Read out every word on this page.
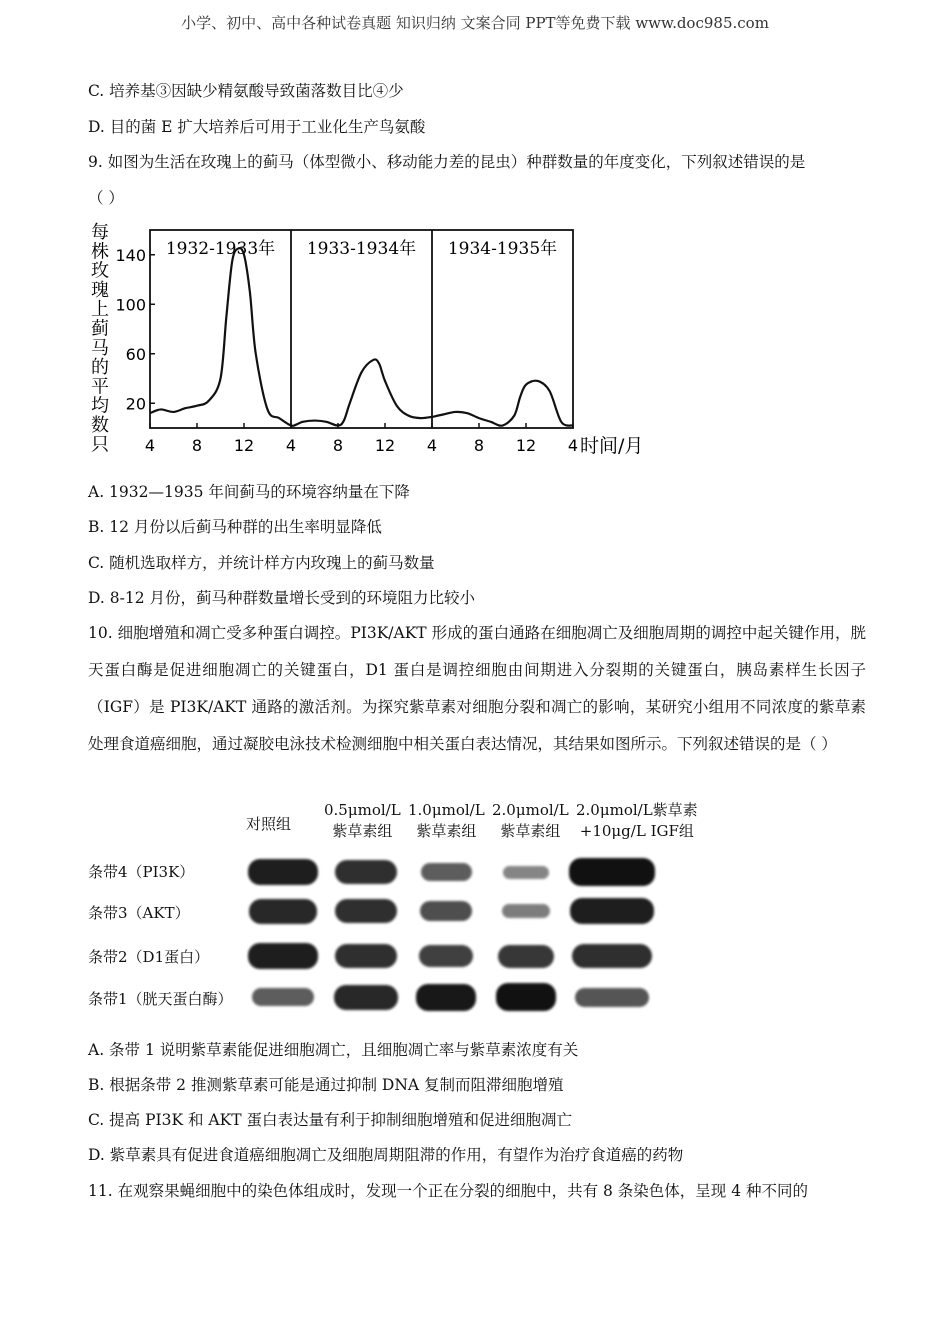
小学、初中、高中各种试卷真题 知识归纳 文案合同 PPT等免费下载 www.doc985.com
C. 培养基③因缺少精氨酸导致菌落数目比④少
D. 目的菌 E 扩大培养后可用于工业化生产鸟氨酸
9. 如图为生活在玫瑰上的蓟马（体型微小、移动能力差的昆虫）种群数量的年度变化，下列叙述错误的是
（ ）
每
株
玫
瑰
上
蓟
马
的
平
均
数
只
1932-1933年 1933-1934年 1934-1935年
20
60
100
140
4 8 12 4 8 12 4 8 12 4 时间/月
A. 1932—1935 年间蓟马的环境容纳量在下降
B. 12 月份以后蓟马种群的出生率明显降低
C. 随机选取样方，并统计样方内玫瑰上的蓟马数量
D. 8-12 月份，蓟马种群数量增长受到的环境阻力比较小
10. 细胞增殖和凋亡受多种蛋白调控。PI3K/AKT 形成的蛋白通路在细胞凋亡及细胞周期的调控中起关键作用，胱天蛋白酶是促进细胞凋亡的关键蛋白，D1 蛋白是调控细胞由间期进入分裂期的关键蛋白，胰岛素样生长因子（IGF）是 PI3K/AKT 通路的激活剂。为探究紫草素对细胞分裂和凋亡的影响，某研究小组用不同浓度的紫草素处理食道癌细胞，通过凝胶电泳技术检测细胞中相关蛋白表达情况，其结果如图所示。下列叙述错误的是（ ）
对照组
0.5μmol/L
紫草素组
1.0μmol/L
紫草素组
2.0μmol/L
紫草素组
2.0μmol/L紫草素
+10μg/L IGF组
条带4（PI3K）
条带3（AKT）
条带2（D1蛋白）
条带1（胱天蛋白酶）
A. 条带 1 说明紫草素能促进细胞凋亡，且细胞凋亡率与紫草素浓度有关
B. 根据条带 2 推测紫草素可能是通过抑制 DNA 复制而阻滞细胞增殖
C. 提高 PI3K 和 AKT 蛋白表达量有利于抑制细胞增殖和促进细胞凋亡
D. 紫草素具有促进食道癌细胞凋亡及细胞周期阻滞的作用，有望作为治疗食道癌的药物
11. 在观察果蝇细胞中的染色体组成时，发现一个正在分裂的细胞中，共有 8 条染色体，呈现 4 种不同的
